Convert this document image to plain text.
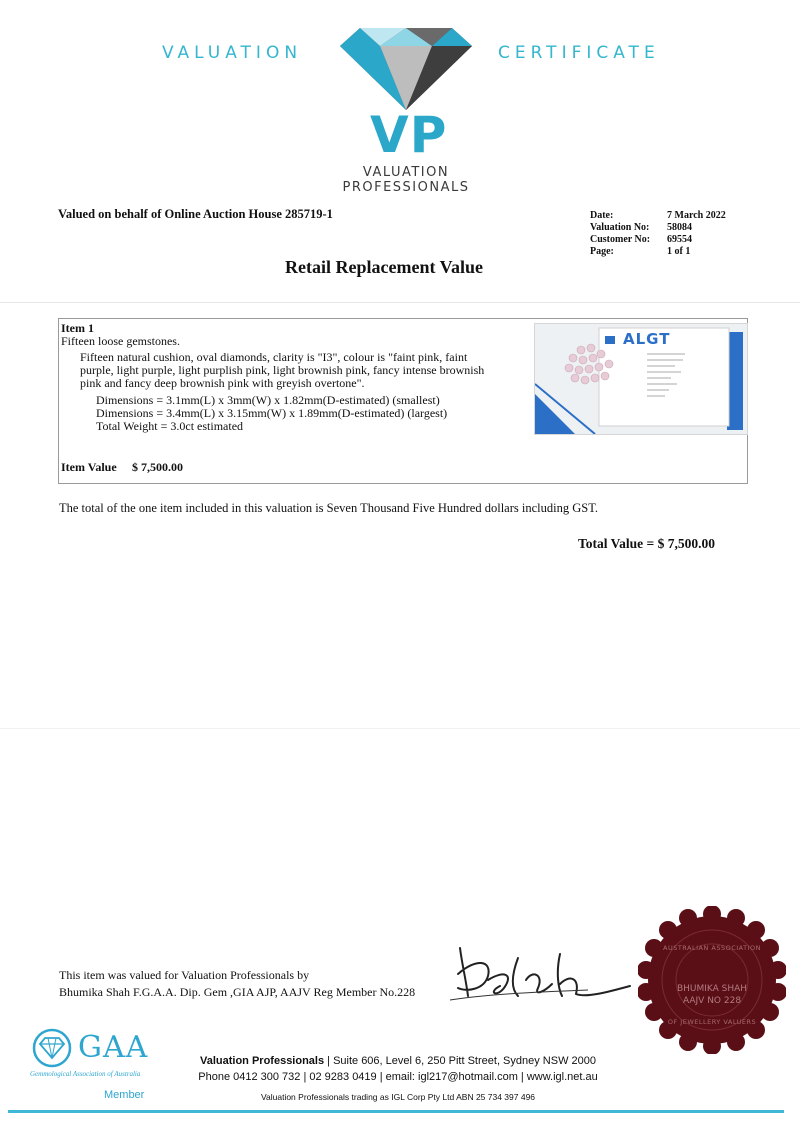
VALUATION	CERTIFICATE
VP
VALUATION
PROFESSIONALS
Valued on behalf of Online Auction House 285719-1	Date:	7 March 2022
Valuation No: 58084
Customer No: 69554
Page:	1 of 1
Retail Replacement Value
Item 1
Fifteen loose gemstones.
Fifteen natural cushion, oval diamonds, clarity is "I3", colour is "faint pink, faint
purple, light purple, light purplish pink, light brownish pink, fancy intense brownish
pink and fancy deep brownish pink with greyish overtone".
Dimensions = 3.1mm(L) x 3mm(W) x 1.82mm(D-estimated) (smallest)
Dimensions = 3.4mm(L) x 3.15mm(W) x 1.89mm(D-estimated) (largest)
Total Weight = 3.0ct estimated
Item Value $ 7,500.00
ALGT
The total of the one item included in this valuation is Seven Thousand Five Hundred dollars including GST.
Total Value = $ 7,500.00
This item was valued for Valuation Professionals by
Bhumika Shah F.G.A.A. Dip. Gem ,GIA AJP, AAJV Reg Member No.228
AUSTRALIAN ASSOCIATION
BHUMIKA SHAH
AAJV NO 228
OF JEWELLERY VALUERS
GAA
Gemmological Association of Australia
Member
Valuation Professionals | Suite 606, Level 6, 250 Pitt Street, Sydney NSW 2000
Phone 0412 300 732 | 02 9283 0419 | email: igl217@hotmail.com | www.igl.net.au
Valuation Professionals trading as IGL Corp Pty Ltd ABN 25 734 397 496
